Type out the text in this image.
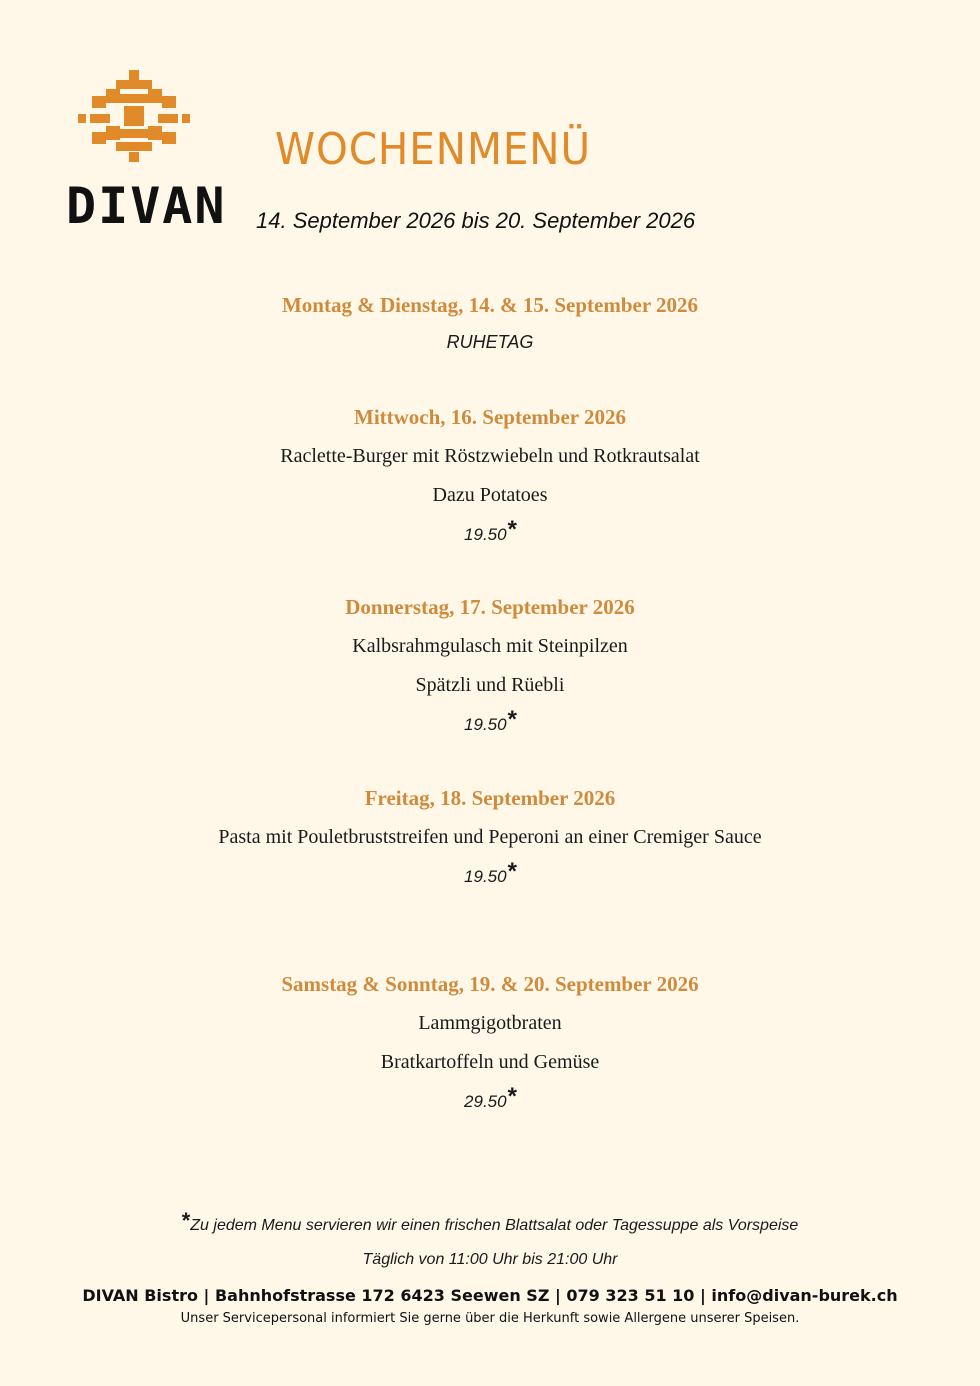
DIVAN
WOCHENMENÜ
14. September 2026 bis 20. September 2026
Montag & Dienstag, 14. & 15. September 2026
RUHETAG
Mittwoch, 16. September 2026
Raclette-Burger mit Röstzwiebeln und Rotkrautsalat
Dazu Potatoes
19.50*
Donnerstag, 17. September 2026
Kalbsrahmgulasch mit Steinpilzen
Spätzli und Rüebli
19.50*
Freitag, 18. September 2026
Pasta mit Pouletbruststreifen und Peperoni an einer Cremiger Sauce
19.50*
Samstag & Sonntag, 19. & 20. September 2026
Lammgigotbraten
Bratkartoffeln und Gemüse
29.50*
*Zu jedem Menu servieren wir einen frischen Blattsalat oder Tagessuppe als Vorspeise
Täglich von 11:00 Uhr bis 21:00 Uhr
DIVAN Bistro | Bahnhofstrasse 172 6423 Seewen SZ | 079 323 51 10 | info@divan-burek.ch
Unser Servicepersonal informiert Sie gerne über die Herkunft sowie Allergene unserer Speisen.
